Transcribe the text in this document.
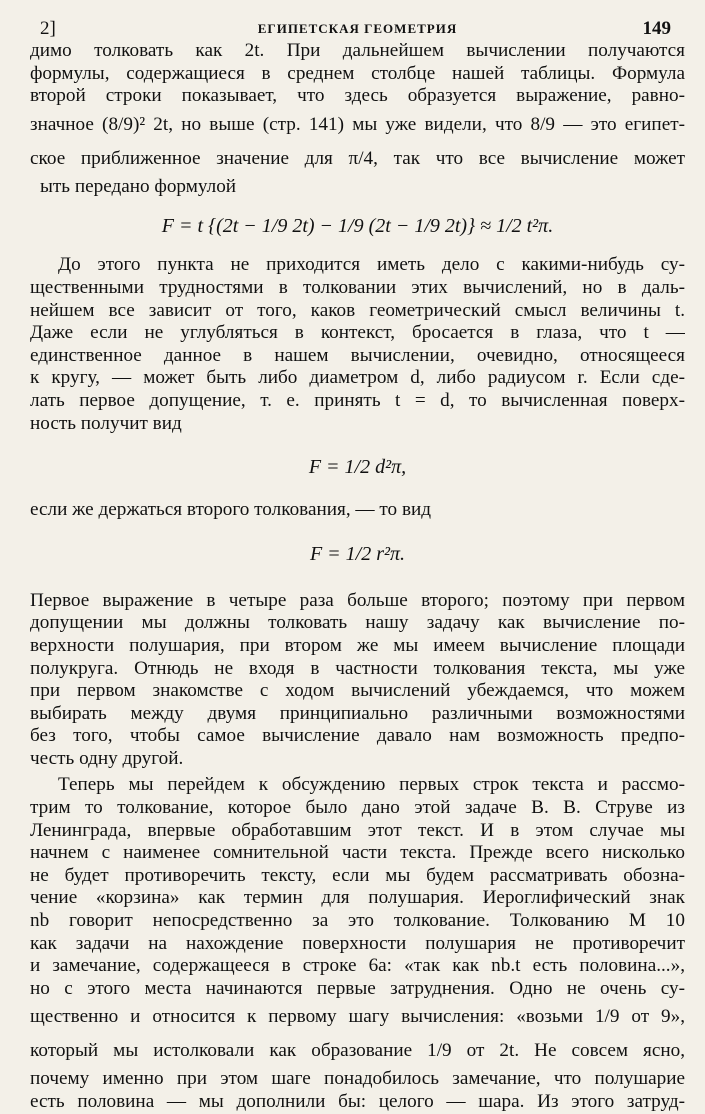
2]	ЕГИПЕТСКАЯ ГЕОМЕТРИЯ	149

димо толковать как 2t. При дальнейшем вычислении получаются
формулы, содержащиеся в среднем столбце нашей таблицы. Формула
второй строки показывает, что здесь образуется выражение, равно-
значное (8/9)² 2t, но выше (стр. 141) мы уже видели, что 8/9 — это египет-
ское приближенное значение для π/4, так что все вычисление может
ыть передано формулой

F = t {(2t − 1/9 2t) − 1/9 (2t − 1/9 2t)} ≈ 1/2 t²π.

До этого пункта не приходится иметь дело с какими-нибудь су-
щественными трудностями в толковании этих вычислений, но в даль-
нейшем все зависит от того, каков геометрический смысл величины t.
Даже если не углубляться в контекст, бросается в глаза, что t —
единственное данное в нашем вычислении, очевидно, относящееся
к кругу, — может быть либо диаметром d, либо радиусом r. Если сде-
лать первое допущение, т. е. принять t = d, то вычисленная поверх-
ность получит вид

F = 1/2 d²π,

если же держаться второго толкования, — то вид

F = 1/2 r²π.

Первое выражение в четыре раза больше второго; поэтому при первом
допущении мы должны толковать нашу задачу как вычисление по-
верхности полушария, при втором же мы имеем вычисление площади
полукруга. Отнюдь не входя в частности толкования текста, мы уже
при первом знакомстве с ходом вычислений убеждаемся, что можем
выбирать между двумя принципиально различными возможностями
без того, чтобы самое вычисление давало нам возможность предпо-
честь одну другой.

Теперь мы перейдем к обсуждению первых строк текста и рассмо-
трим то толкование, которое было дано этой задаче В. В. Струве из
Ленинграда, впервые обработавшим этот текст. И в этом случае мы
начнем с наименее сомнительной части текста. Прежде всего нисколько
не будет противоречить тексту, если мы будем рассматривать обозна-
чение «корзина» как термин для полушария. Иероглифический знак
nb говорит непосредственно за это толкование. Толкованию М 10
как задачи на нахождение поверхности полушария не противоречит
и замечание, содержащееся в строке 6а: «так как nb.t есть половина...»,
но с этого места начинаются первые затруднения. Одно не очень су-
щественно и относится к первому шагу вычисления: «возьми 1/9 от 9»,
который мы истолковали как образование 1/9 от 2t. Не совсем ясно,
почему именно при этом шаге понадобилось замечание, что полушарие
есть половина — мы дополнили бы: целого — шара. Из этого затруд-
